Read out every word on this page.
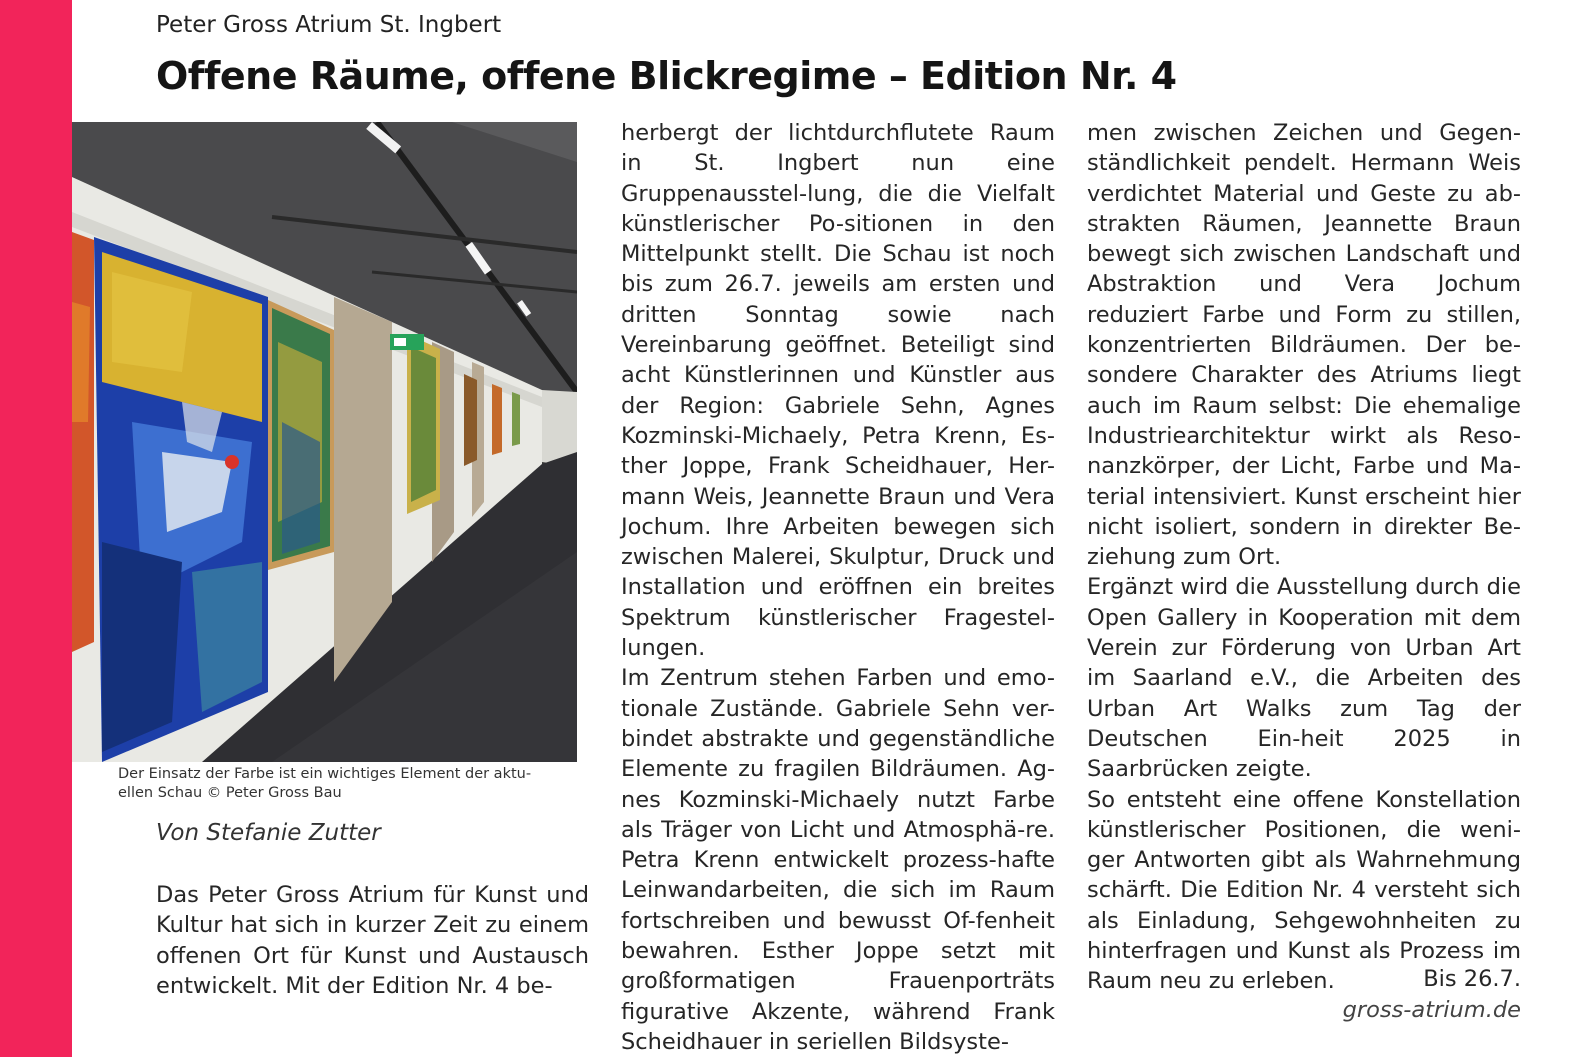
Peter Gross Atrium St. Ingbert
Offene Räume, offene Blickregime – Edition Nr. 4
Der Einsatz der Farbe ist ein wichtiges Element der aktu-
ellen Schau © Peter Gross Bau
Von Stefanie Zutter

Das Peter Gross Atrium für Kunst und Kultur hat sich in kurzer Zeit zu einem offenen Ort für Kunst und Austausch entwickelt. Mit der Edition Nr. 4 be-

herbergt der lichtdurchflutete Raum in St. Ingbert nun eine Gruppenausstel-lung, die die Vielfalt künstlerischer Po-sitionen in den Mittelpunkt stellt. Die Schau ist noch bis zum 26.7. jeweils am ersten und dritten Sonntag sowie nach Vereinbarung geöffnet. Beteiligt sind acht Künstlerinnen und Künstler aus der Region: Gabriele Sehn, Agnes Kozminski-Michaely, Petra Krenn, Es-ther Joppe, Frank Scheidhauer, Her-mann Weis, Jeannette Braun und Vera Jochum. Ihre Arbeiten bewegen sich zwischen Malerei, Skulptur, Druck und Installation und eröffnen ein breites Spektrum künstlerischer Fragestel-lungen.

Im Zentrum stehen Farben und emo-tionale Zustände. Gabriele Sehn ver-bindet abstrakte und gegenständliche Elemente zu fragilen Bildräumen. Ag-nes Kozminski-Michaely nutzt Farbe als Träger von Licht und Atmosphä-re. Petra Krenn entwickelt prozess-hafte Leinwandarbeiten, die sich im Raum fortschreiben und bewusst Of-fenheit bewahren. Esther Joppe setzt mit großformatigen Frauenporträts figurative Akzente, während Frank Scheidhauer in seriellen Bildsyste-

men zwischen Zeichen und Gegen-ständlichkeit pendelt. Hermann Weis verdichtet Material und Geste zu ab-strakten Räumen, Jeannette Braun bewegt sich zwischen Landschaft und Abstraktion und Vera Jochum reduziert Farbe und Form zu stillen, konzentrierten Bildräumen. Der be-sondere Charakter des Atriums liegt auch im Raum selbst: Die ehemalige Industriearchitektur wirkt als Reso-nanzkörper, der Licht, Farbe und Ma-terial intensiviert. Kunst erscheint hier nicht isoliert, sondern in direkter Be-ziehung zum Ort.

Ergänzt wird die Ausstellung durch die Open Gallery in Kooperation mit dem Verein zur Förderung von Urban Art im Saarland e.V., die Arbeiten des Urban Art Walks zum Tag der Deutschen Ein-heit 2025 in Saarbrücken zeigte.

So entsteht eine offene Konstellation künstlerischer Positionen, die weni-ger Antworten gibt als Wahrnehmung schärft. Die Edition Nr. 4 versteht sich als Einladung, Sehgewohnheiten zu hinterfragen und Kunst als Prozess im Raum neu zu erleben.	Bis 26.7.
gross-atrium.de
